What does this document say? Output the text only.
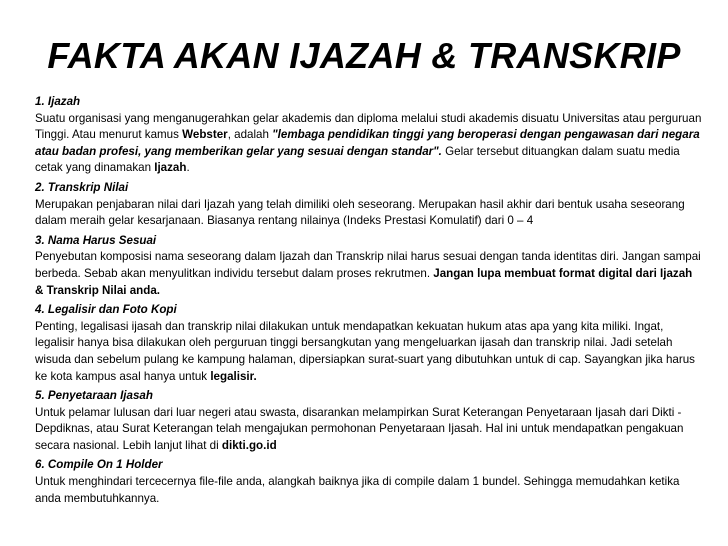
FAKTA AKAN IJAZAH & TRANSKRIP
1. Ijazah
Suatu organisasi yang menganugerahkan gelar akademis dan diploma melalui studi akademis disuatu Universitas atau perguruan Tinggi. Atau menurut kamus Webster, adalah "lembaga pendidikan tinggi yang beroperasi dengan pengawasan dari negara atau badan profesi, yang memberikan gelar yang sesuai dengan standar". Gelar tersebut dituangkan dalam suatu media cetak yang dinamakan Ijazah.
2. Transkrip Nilai
Merupakan penjabaran nilai dari Ijazah yang telah dimiliki oleh seseorang. Merupakan hasil akhir dari bentuk usaha seseorang dalam meraih gelar kesarjanaan. Biasanya rentang nilainya (Indeks Prestasi Komulatif) dari 0 – 4
3. Nama Harus Sesuai
Penyebutan komposisi nama seseorang dalam Ijazah dan Transkrip nilai harus sesuai dengan tanda identitas diri. Jangan sampai berbeda. Sebab akan menyulitkan individu tersebut dalam proses rekrutmen. Jangan lupa membuat format digital dari Ijazah & Transkrip Nilai anda.
4. Legalisir dan Foto Kopi
Penting, legalisasi ijasah dan transkrip nilai dilakukan untuk mendapatkan kekuatan hukum atas apa yang kita miliki. Ingat, legalisir hanya bisa dilakukan oleh perguruan tinggi bersangkutan yang mengeluarkan ijasah dan transkrip nilai. Jadi setelah wisuda dan sebelum pulang ke kampung halaman, dipersiapkan surat-suart yang dibutuhkan untuk di cap. Sayangkan jika harus ke kota kampus asal hanya untuk legalisir.
5. Penyetaraan Ijasah
Untuk pelamar lulusan dari luar negeri atau swasta, disarankan melampirkan Surat Keterangan Penyetaraan Ijasah dari Dikti - Depdiknas, atau Surat Keterangan telah mengajukan permohonan Penyetaraan Ijasah. Hal ini untuk mendapatkan pengakuan secara nasional. Lebih lanjut lihat di dikti.go.id
6. Compile On 1 Holder
Untuk menghindari tercecernya file-file anda, alangkah baiknya jika di compile dalam 1 bundel. Sehingga memudahkan ketika anda membutuhkannya.
